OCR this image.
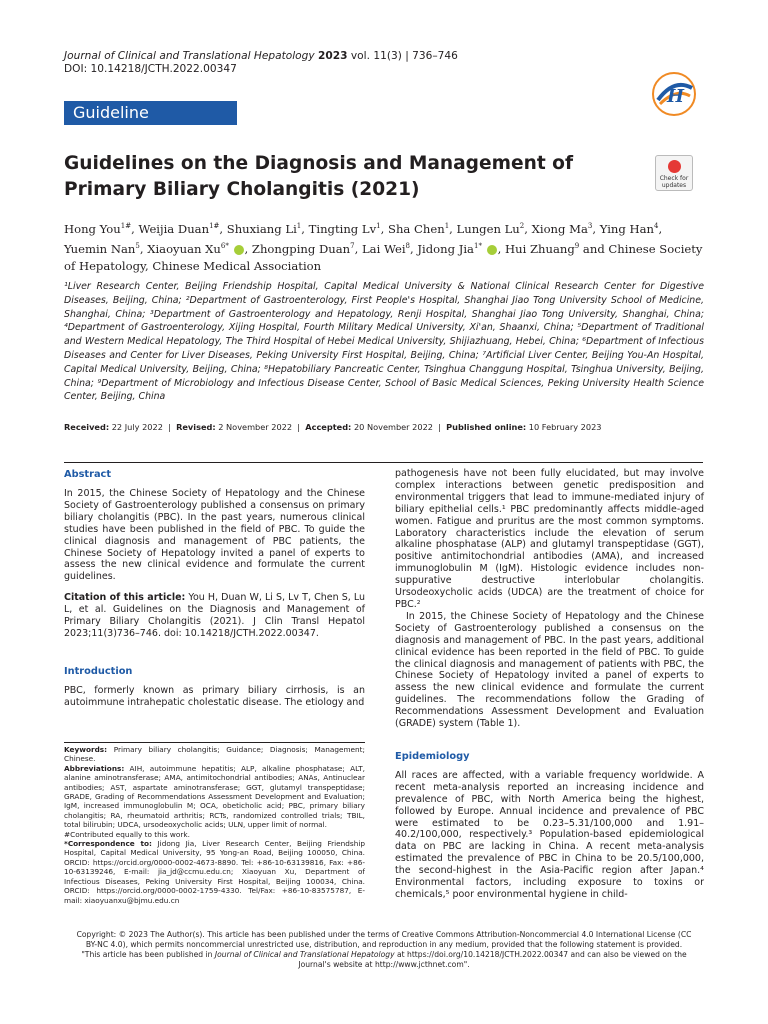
Journal of Clinical and Translational Hepatology 2023 vol. 11(3) | 736–746
DOI: 10.14218/JCTH.2022.00347
H
Guideline
Guidelines on the Diagnosis and Management of Primary Biliary Cholangitis (2021)
Check for updates
Hong You$^{1\#}$, Weijia Duan$^{1\#}$, Shuxiang Li$^1$, Tingting Lv$^1$, Sha Chen$^1$, Lungen Lu$^2$, Xiong Ma$^3$, Ying Han$^4$, Yuemin Nan$^5$, Xiaoyuan $Xu^{6*}$ , Zhongping Duan$^7$, Lai Wei$^8$, Jidong Jia$^{1*}$ , Hui Zhuang$^9$ and Chinese Society of Hepatology, Chinese Medical Association
¹Liver Research Center, Beijing Friendship Hospital, Capital Medical University & National Clinical Research Center for Digestive Diseases, Beijing, China; ²Department of Gastroenterology, First People's Hospital, Shanghai Jiao Tong University School of Medicine, Shanghai, China; ³Department of Gastroenterology and Hepatology, Renji Hospital, Shanghai Jiao Tong University, Shanghai, China; ⁴Department of Gastroenterology, Xijing Hospital, Fourth Military Medical University, Xi'an, Shaanxi, China; ⁵Department of Traditional and Western Medical Hepatology, The Third Hospital of Hebei Medical University, Shijiazhuang, Hebei, China; ⁶Department of Infectious Diseases and Center for Liver Diseases, Peking University First Hospital, Beijing, China; ⁷Artificial Liver Center, Beijing You-An Hospital, Capital Medical University, Beijing, China; ⁸Hepatobiliary Pancreatic Center, Tsinghua Changgung Hospital, Tsinghua University, Beijing, China; ⁹Department of Microbiology and Infectious Disease Center, School of Basic Medical Sciences, Peking University Health Science Center, Beijing, China
Received: 22 July 2022  |  Revised: 2 November 2022  |  Accepted: 20 November 2022  |  Published online: 10 February 2023
Abstract

In 2015, the Chinese Society of Hepatology and the Chinese Society of Gastroenterology published a consensus on primary biliary cholangitis (PBC). In the past years, numerous clinical studies have been published in the field of PBC. To guide the clinical diagnosis and management of PBC patients, the Chinese Society of Hepatology invited a panel of experts to assess the new clinical evidence and formulate the current guidelines.

Citation of this article: You H, Duan W, Li S, Lv T, Chen S, Lu L, et al. Guidelines on the Diagnosis and Management of Primary Biliary Cholangitis (2021). J Clin Transl Hepatol 2023;11(3)736–746. doi: 10.14218/JCTH.2022.00347.

Introduction

PBC, formerly known as primary biliary cirrhosis, is an autoimmune intrahepatic cholestatic disease. The etiology and

Keywords: Primary biliary cholangitis; Guidance; Diagnosis; Management; Chinese.

Abbreviations: AIH, autoimmune hepatitis; ALP, alkaline phosphatase; ALT, alanine aminotransferase; AMA, antimitochondrial antibodies; ANAs, Antinuclear antibodies; AST, aspartate aminotransferase; GGT, glutamyl transpeptidase; GRADE, Grading of Recommendations Assessment Development and Evaluation; IgM, increased immunoglobulin M; OCA, obeticholic acid; PBC, primary biliary cholangitis; RA, rheumatoid arthritis; RCTs, randomized controlled trials; TBIL, total bilirubin; UDCA, ursodeoxycholic acids; ULN, upper limit of normal.

#Contributed equally to this work.

*Correspondence to: Jidong Jia, Liver Research Center, Beijing Friendship Hospital, Capital Medical University, 95 Yong-an Road, Beijing 100050, China. ORCID: https://orcid.org/0000-0002-4673-8890. Tel: +86-10-63139816, Fax: +86-10-63139246, E-mail: jia_jd@ccmu.edu.cn; Xiaoyuan Xu, Department of Infectious Diseases, Peking University First Hospital, Beijing 100034, China. ORCID: https://orcid.org/0000-0002-1759-4330. Tel/Fax: +86-10-83575787, E-mail: xiaoyuanxu@bjmu.edu.cn

pathogenesis have not been fully elucidated, but may involve complex interactions between genetic predisposition and environmental triggers that lead to immune-mediated injury of biliary epithelial cells.¹ PBC predominantly affects middle-aged women. Fatigue and pruritus are the most common symptoms. Laboratory characteristics include the elevation of serum alkaline phosphatase (ALP) and glutamyl transpeptidase (GGT), positive antimitochondrial antibodies (AMA), and increased immunoglobulin M (IgM). Histologic evidence includes non-suppurative destructive interlobular cholangitis. Ursodeoxycholic acids (UDCA) are the treatment of choice for PBC.²

In 2015, the Chinese Society of Hepatology and the Chinese Society of Gastroenterology published a consensus on the diagnosis and management of PBC. In the past years, additional clinical evidence has been reported in the field of PBC. To guide the clinical diagnosis and management of patients with PBC, the Chinese Society of Hepatology invited a panel of experts to assess the new clinical evidence and formulate the current guidelines. The recommendations follow the Grading of Recommendations Assessment Development and Evaluation (GRADE) system (Table 1).

Epidemiology

All races are affected, with a variable frequency worldwide. A recent meta-analysis reported an increasing incidence and prevalence of PBC, with North America being the highest, followed by Europe. Annual incidence and prevalence of PBC were estimated to be 0.23–5.31/100,000 and 1.91–40.2/100,000, respectively.³ Population-based epidemiological data on PBC are lacking in China. A recent meta-analysis estimated the prevalence of PBC in China to be 20.5/100,000, the second-highest in the Asia-Pacific region after Japan.⁴ Environmental factors, including exposure to toxins or chemicals,⁵ poor environmental hygiene in child-

Copyright: © 2023 The Author(s). This article has been published under the terms of Creative Commons Attribution-Noncommercial 4.0 International License (CC BY-NC 4.0), which permits noncommercial unrestricted use, distribution, and reproduction in any medium, provided that the following statement is provided.

"This article has been published in Journal of Clinical and Translational Hepatology at https://doi.org/10.14218/JCTH.2022.00347 and can also be viewed on the Journal's website at http://www.jcthnet.com".
